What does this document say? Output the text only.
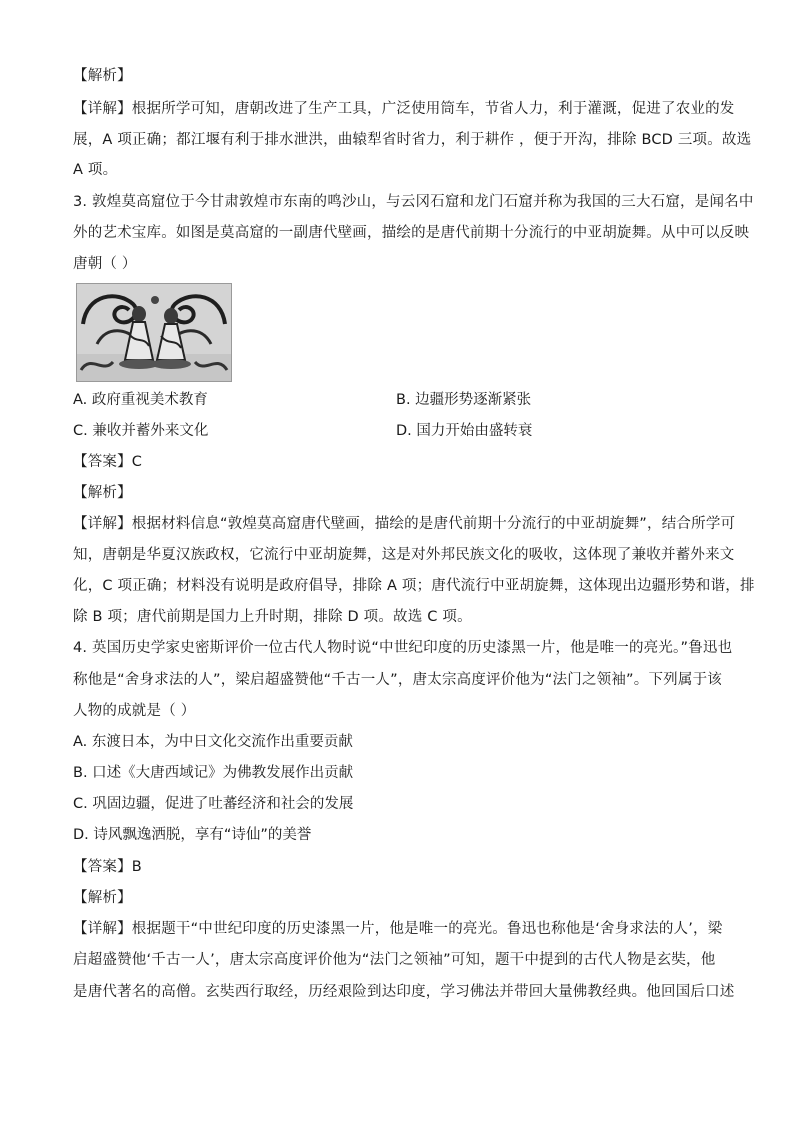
【解析】
【详解】根据所学可知，唐朝改进了生产工具，广泛使用筒车，节省人力，利于灌溉，促进了农业的发
展，A 项正确；都江堰有利于排水泄洪，曲辕犁省时省力，利于耕作 ，便于开沟，排除 BCD 三项。故选
A 项。
3. 敦煌莫高窟位于今甘肃敦煌市东南的鸣沙山，与云冈石窟和龙门石窟并称为我国的三大石窟，是闻名中
外的艺术宝库。如图是莫高窟的一副唐代壁画，描绘的是唐代前期十分流行的中亚胡旋舞。从中可以反映
唐朝（ ）
A. 政府重视美术教育	B. 边疆形势逐渐紧张
C. 兼收并蓄外来文化	D. 国力开始由盛转衰
【答案】C
【解析】
【详解】根据材料信息“敦煌莫高窟唐代壁画，描绘的是唐代前期十分流行的中亚胡旋舞”，结合所学可
知，唐朝是华夏汉族政权，它流行中亚胡旋舞，这是对外邦民族文化的吸收，这体现了兼收并蓄外来文
化，C 项正确；材料没有说明是政府倡导，排除 A 项；唐代流行中亚胡旋舞，这体现出边疆形势和谐，排
除 B 项；唐代前期是国力上升时期，排除 D 项。故选 C 项。
4. 英国历史学家史密斯评价一位古代人物时说“中世纪印度的历史漆黑一片，他是唯一的亮光。”鲁迅也
称他是“舍身求法的人”，梁启超盛赞他“千古一人”，唐太宗高度评价他为“法门之领袖”。下列属于该
人物的成就是（ ）
A. 东渡日本，为中日文化交流作出重要贡献
B. 口述《大唐西域记》为佛教发展作出贡献
C. 巩固边疆，促进了吐蕃经济和社会的发展
D. 诗风飘逸洒脱，享有“诗仙”的美誉
【答案】B
【解析】
【详解】根据题干“中世纪印度的历史漆黑一片，他是唯一的亮光。鲁迅也称他是‘舍身求法的人’，梁
启超盛赞他‘千古一人’，唐太宗高度评价他为“法门之领袖”可知，题干中提到的古代人物是玄奘，他
是唐代著名的高僧。玄奘西行取经，历经艰险到达印度，学习佛法并带回大量佛教经典。他回国后口述
